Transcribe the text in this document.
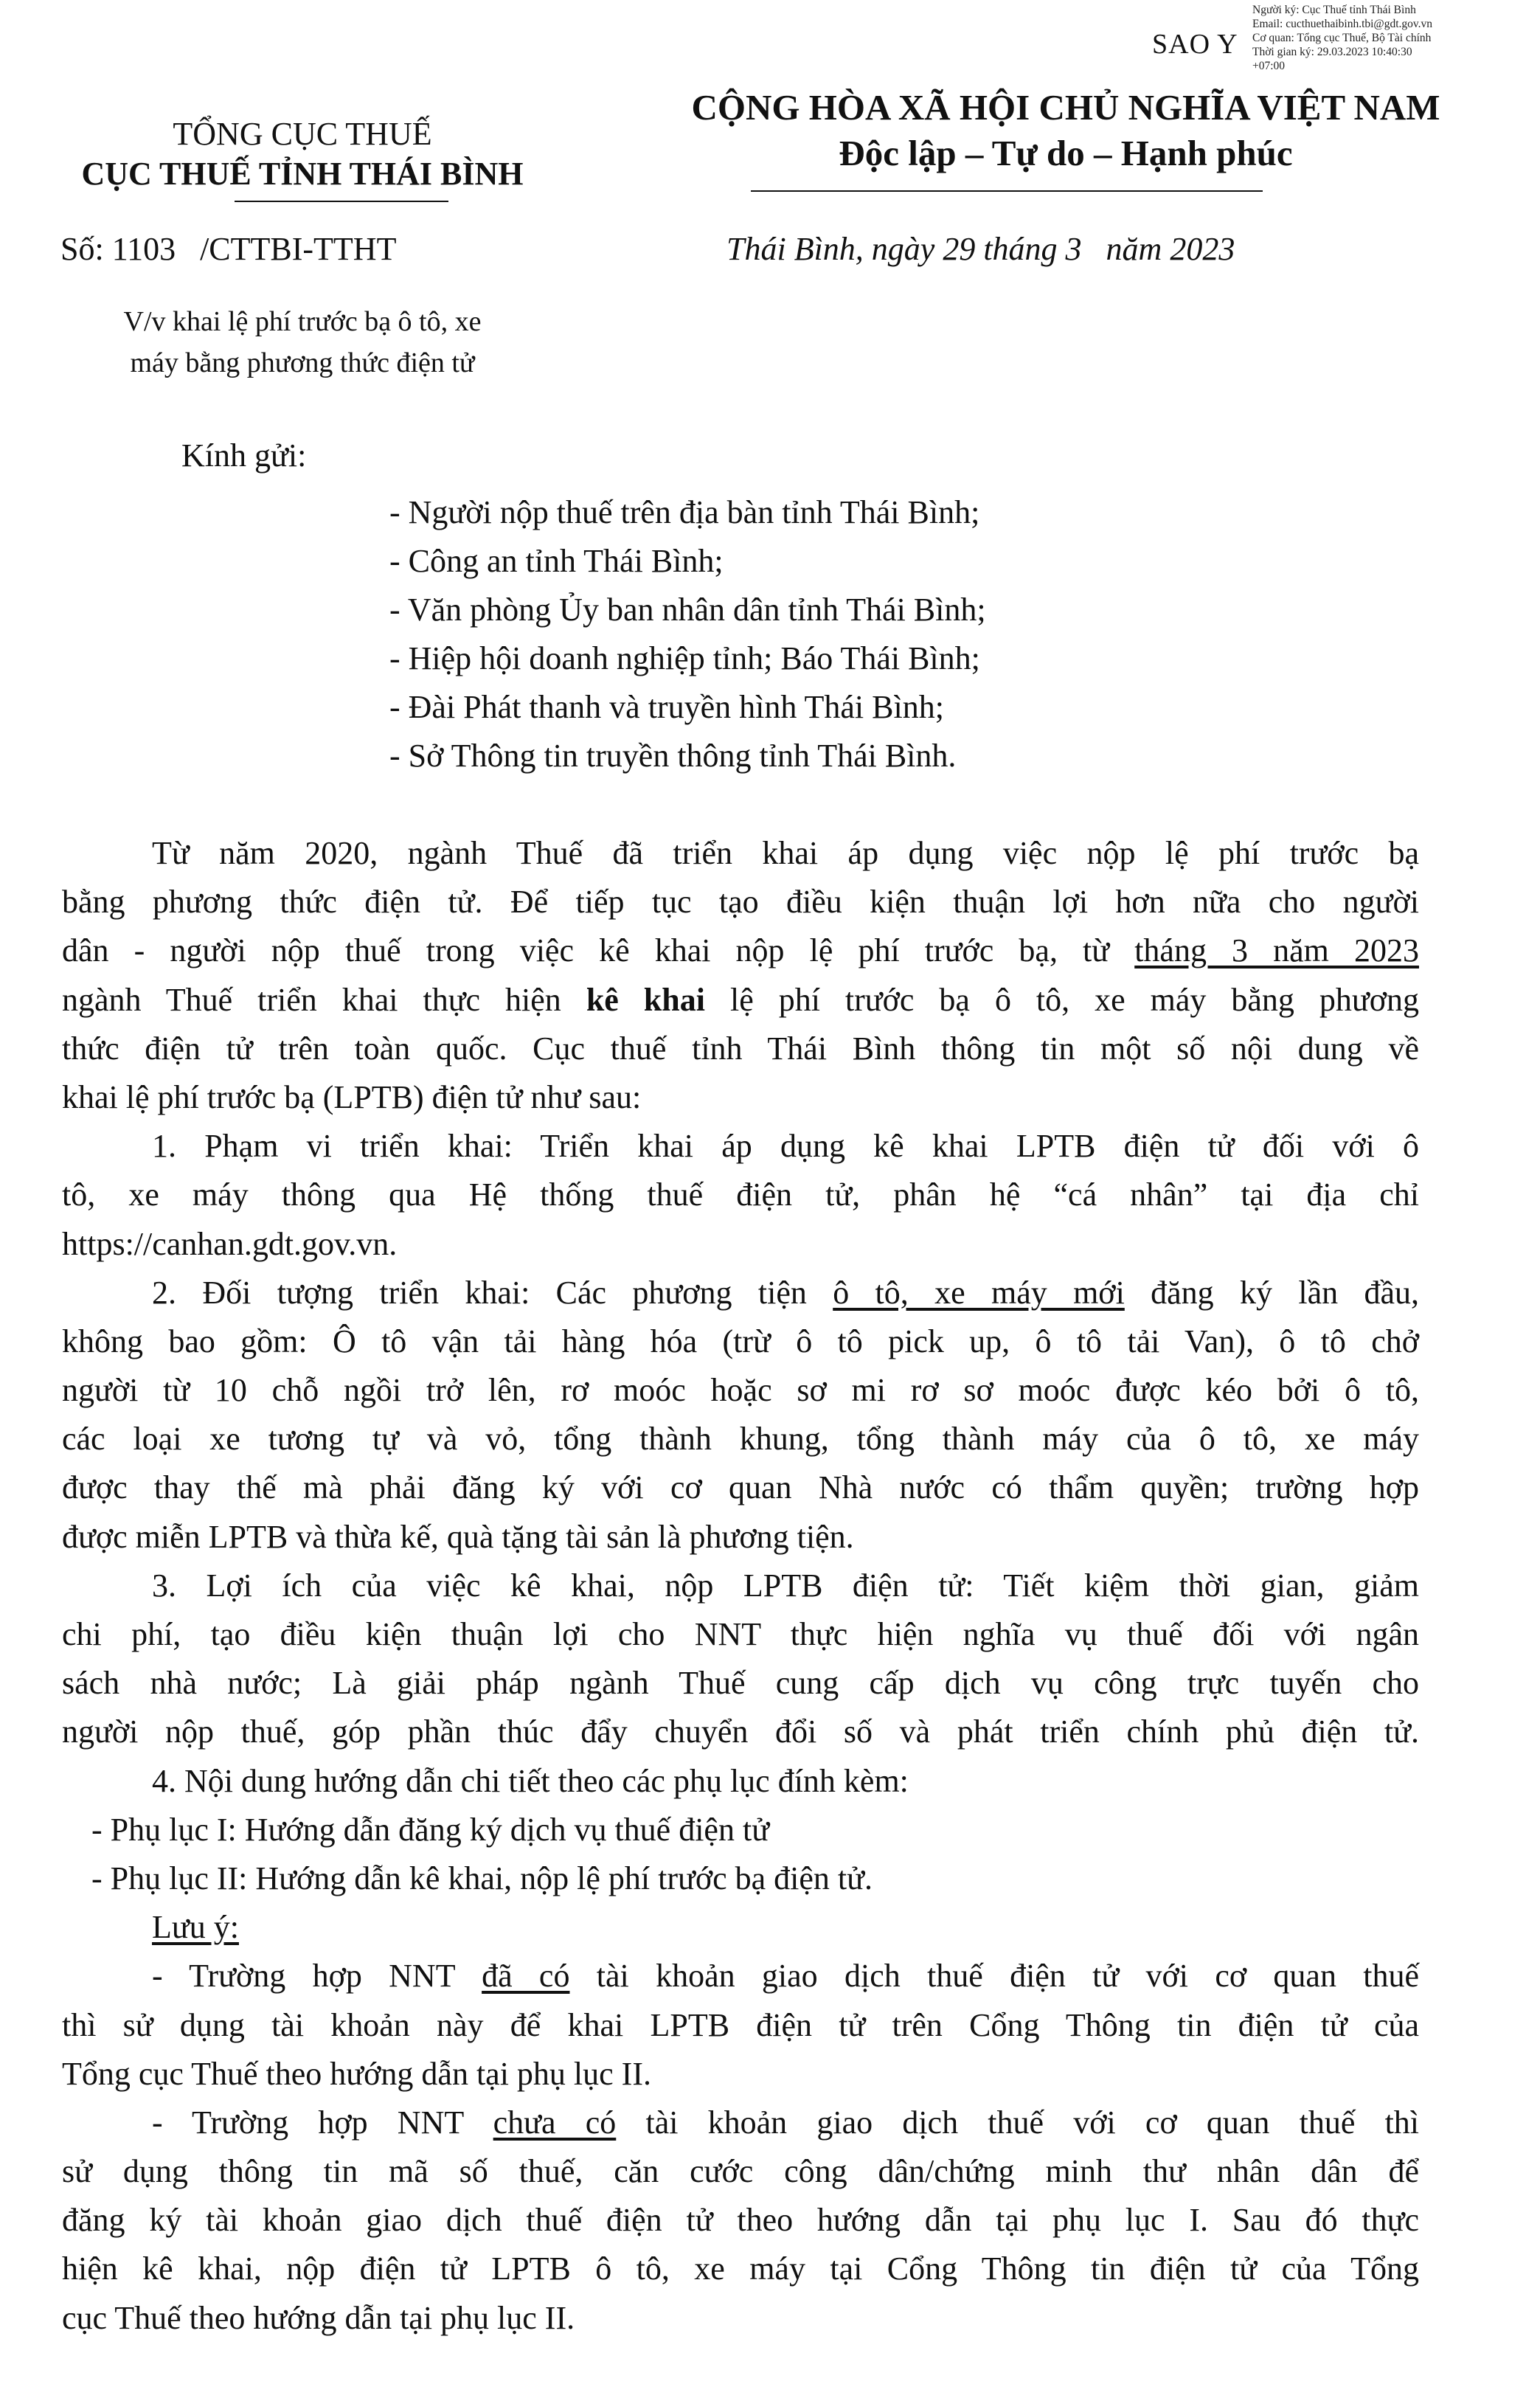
Người ký: Cục Thuế tỉnh Thái Bình
Email: cucthuethaibinh.tbi@gdt.gov.vn
Cơ quan: Tổng cục Thuế, Bộ Tài chính
Thời gian ký: 29.03.2023 10:40:30
+07:00
SAO Y
TỔNG CỤC THUẾ
CỤC THUẾ TỈNH THÁI BÌNH
CỘNG HÒA XÃ HỘI CHỦ NGHĨA VIỆT NAM
Độc lập – Tự do – Hạnh phúc
Số: 1103   /CTTBI-TTHT	Thái Bình, ngày 29 tháng 3   năm 2023
V/v khai lệ phí trước bạ ô tô, xe
máy bằng phương thức điện tử
Kính gửi:
- Người nộp thuế trên địa bàn tỉnh Thái Bình;
- Công an tỉnh Thái Bình;
- Văn phòng Ủy ban nhân dân tỉnh Thái Bình;
- Hiệp hội doanh nghiệp tỉnh; Báo Thái Bình;
- Đài Phát thanh và truyền hình Thái Bình;
- Sở Thông tin truyền thông tỉnh Thái Bình.
Từ năm 2020, ngành Thuế đã triển khai áp dụng việc nộp lệ phí trước bạ
bằng phương thức điện tử. Để tiếp tục tạo điều kiện thuận lợi hơn nữa cho người
dân - người nộp thuế trong việc kê khai nộp lệ phí trước bạ, từ tháng 3 năm 2023
ngành Thuế triển khai thực hiện kê khai lệ phí trước bạ ô tô, xe máy bằng phương
thức điện tử trên toàn quốc. Cục thuế tỉnh Thái Bình thông tin một số nội dung về
khai lệ phí trước bạ (LPTB) điện tử như sau:
1. Phạm vi triển khai: Triển khai áp dụng kê khai LPTB điện tử đối với ô
tô, xe máy thông qua Hệ thống thuế điện tử, phân hệ “cá nhân” tại địa chỉ
https://canhan.gdt.gov.vn.
2. Đối tượng triển khai: Các phương tiện ô tô, xe máy mới đăng ký lần đầu,
không bao gồm: Ô tô vận tải hàng hóa (trừ ô tô pick up, ô tô tải Van), ô tô chở
người từ 10 chỗ ngồi trở lên, rơ moóc hoặc sơ mi rơ sơ moóc được kéo bởi ô tô,
các loại xe tương tự và vỏ, tổng thành khung, tổng thành máy của ô tô, xe máy
được thay thế mà phải đăng ký với cơ quan Nhà nước có thẩm quyền; trường hợp
được miễn LPTB và thừa kế, quà tặng tài sản là phương tiện.
3. Lợi ích của việc kê khai, nộp LPTB điện tử: Tiết kiệm thời gian, giảm
chi phí, tạo điều kiện thuận lợi cho NNT thực hiện nghĩa vụ thuế đối với ngân
sách nhà nước; Là giải pháp ngành Thuế cung cấp dịch vụ công trực tuyến cho
người nộp thuế, góp phần thúc đẩy chuyển đổi số và phát triển chính phủ điện tử.
4. Nội dung hướng dẫn chi tiết theo các phụ lục đính kèm:
- Phụ lục I: Hướng dẫn đăng ký dịch vụ thuế điện tử
- Phụ lục II: Hướng dẫn kê khai, nộp lệ phí trước bạ điện tử.
Lưu ý:
- Trường hợp NNT đã có tài khoản giao dịch thuế điện tử với cơ quan thuế
thì sử dụng tài khoản này để khai LPTB điện tử trên Cổng Thông tin điện tử của
Tổng cục Thuế theo hướng dẫn tại phụ lục II.
- Trường hợp NNT chưa có tài khoản giao dịch thuế với cơ quan thuế thì
sử dụng thông tin mã số thuế, căn cước công dân/chứng minh thư nhân dân để
đăng ký tài khoản giao dịch thuế điện tử theo hướng dẫn tại phụ lục I. Sau đó thực
hiện kê khai, nộp điện tử LPTB ô tô, xe máy tại Cổng Thông tin điện tử của Tổng
cục Thuế theo hướng dẫn tại phụ lục II.
